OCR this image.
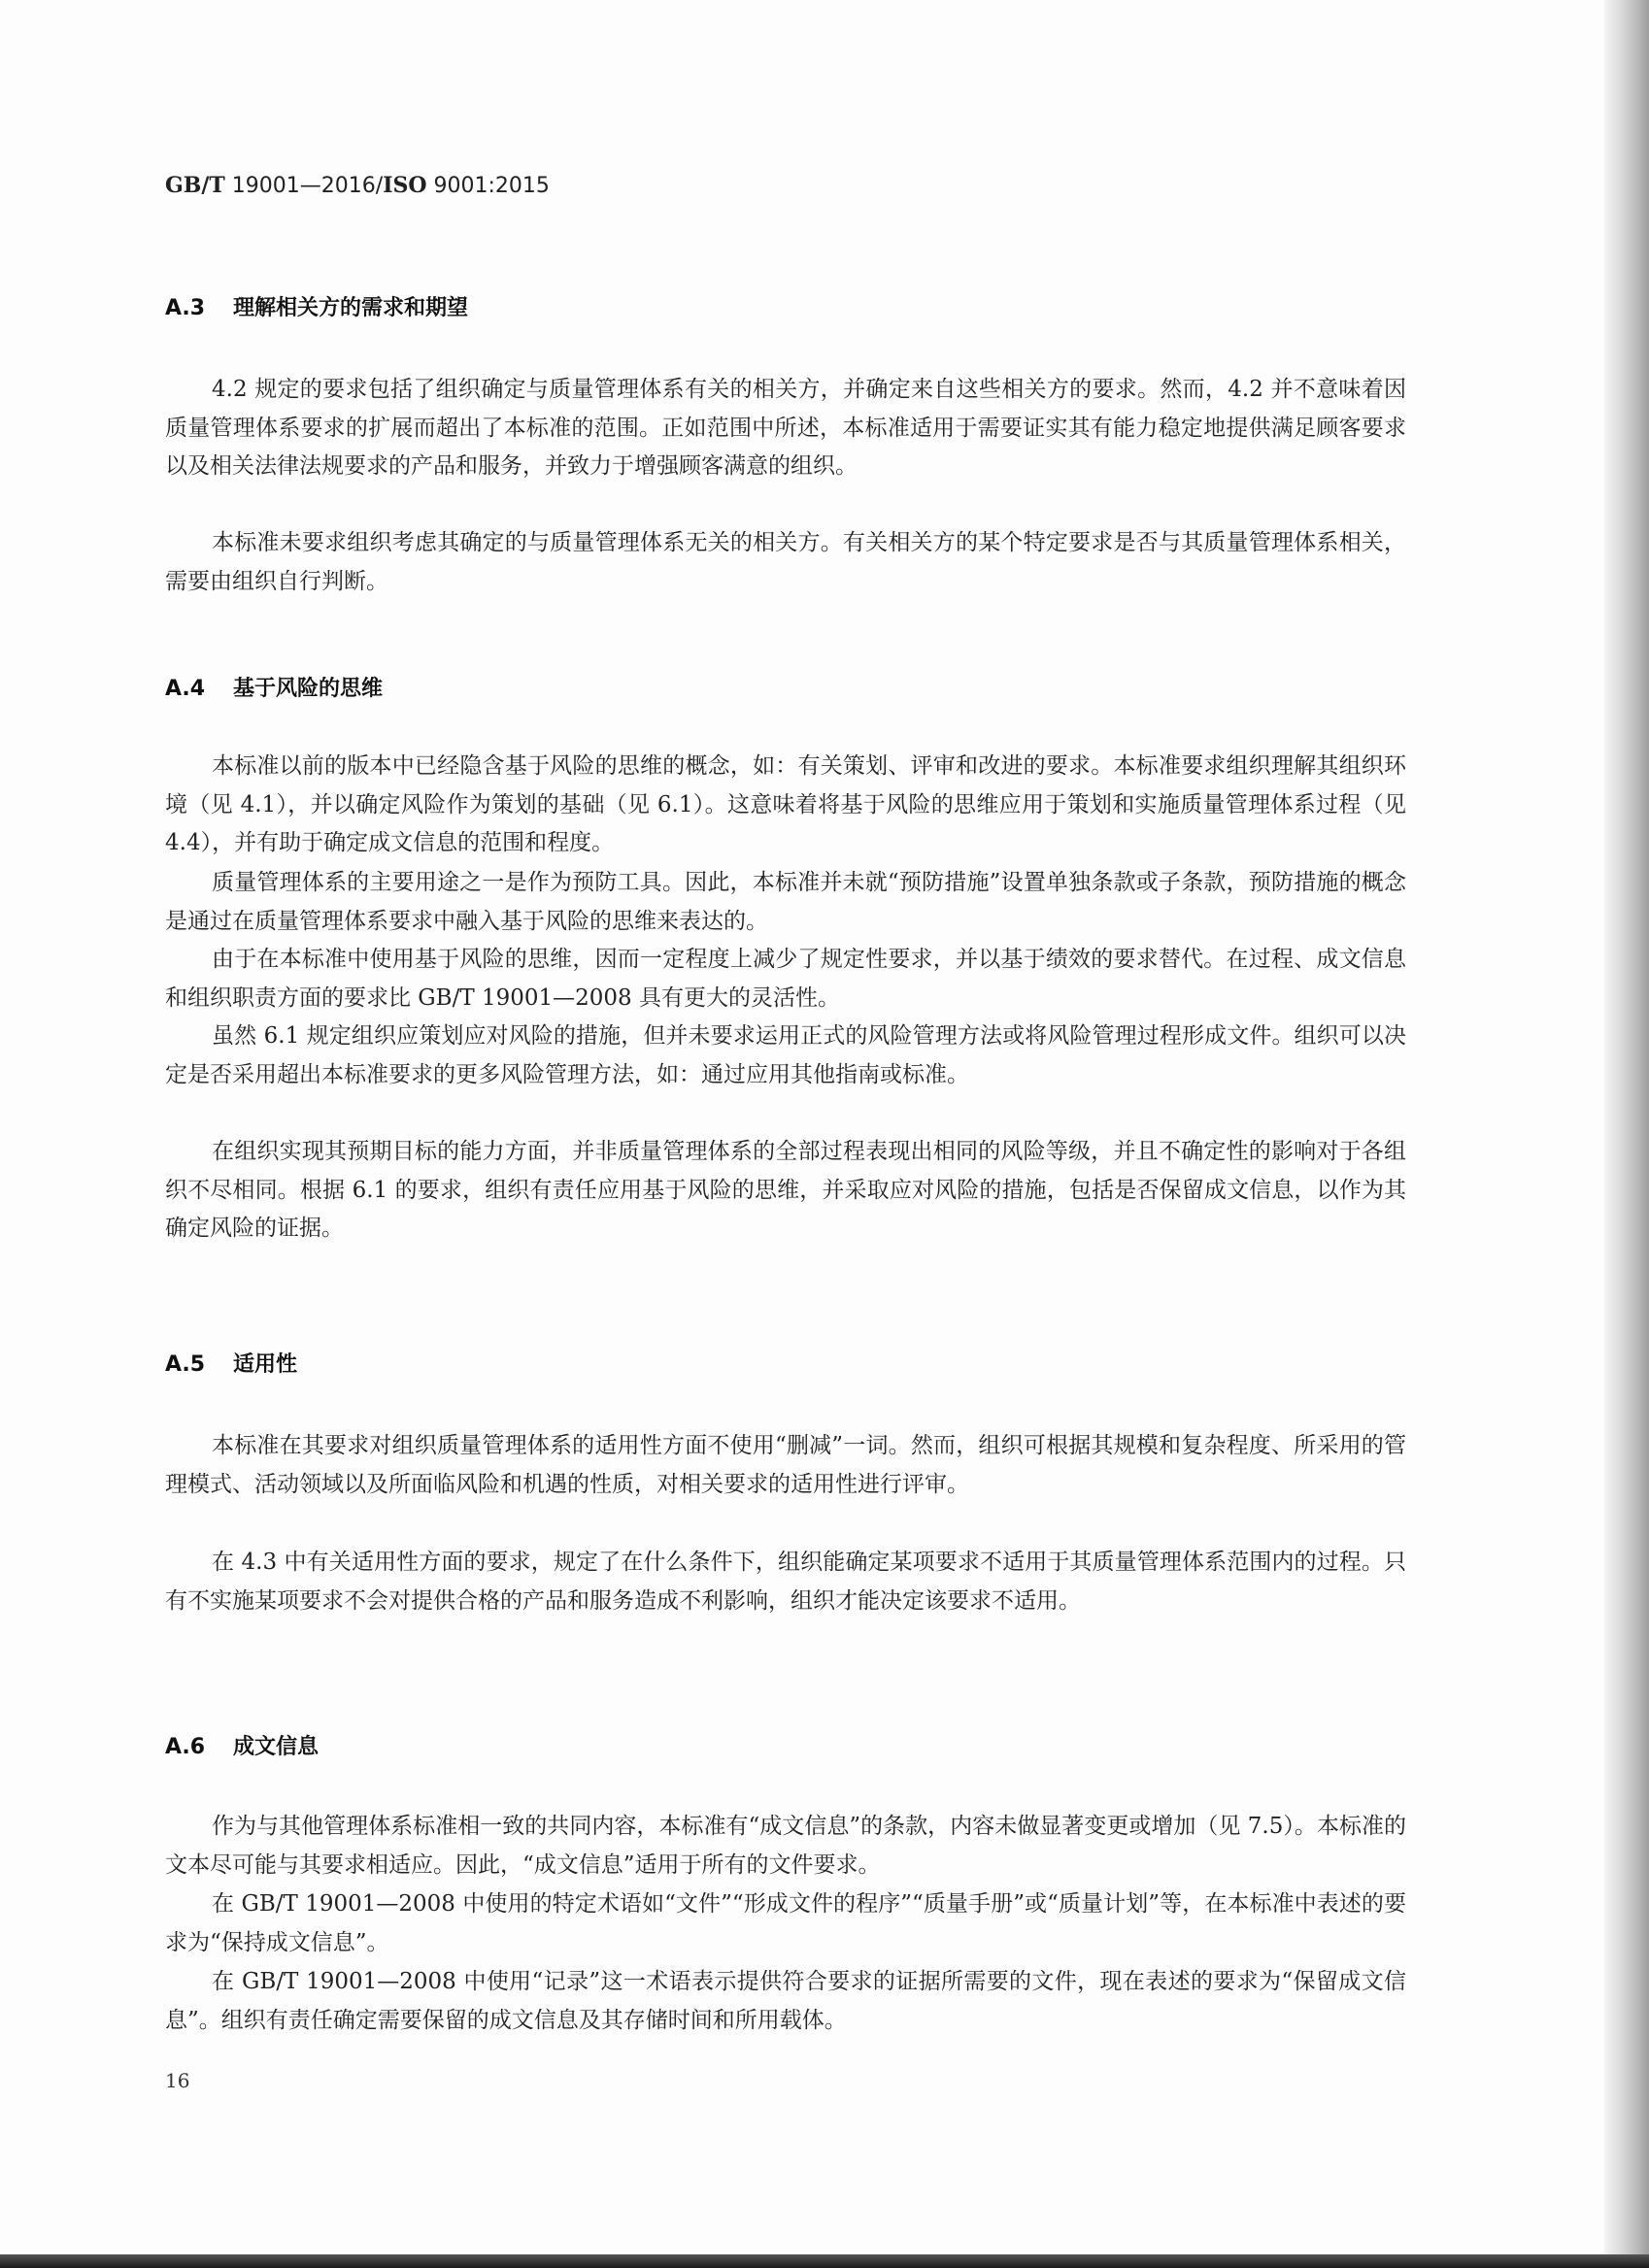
GB/T 19001—2016/ISO 9001:2015
A.3 理解相关方的需求和期望

4.2 规定的要求包括了组织确定与质量管理体系有关的相关方，并确定来自这些相关方的要求。然而，4.2 并不意味着因质量管理体系要求的扩展而超出了本标准的范围。正如范围中所述，本标准适用于需要证实其有能力稳定地提供满足顾客要求以及相关法律法规要求的产品和服务，并致力于增强顾客满意的组织。

本标准未要求组织考虑其确定的与质量管理体系无关的相关方。有关相关方的某个特定要求是否与其质量管理体系相关，需要由组织自行判断。

A.4 基于风险的思维

本标准以前的版本中已经隐含基于风险的思维的概念，如：有关策划、评审和改进的要求。本标准要求组织理解其组织环境（见 4.1），并以确定风险作为策划的基础（见 6.1）。这意味着将基于风险的思维应用于策划和实施质量管理体系过程（见 4.4），并有助于确定成文信息的范围和程度。

质量管理体系的主要用途之一是作为预防工具。因此，本标准并未就“预防措施”设置单独条款或子条款，预防措施的概念是通过在质量管理体系要求中融入基于风险的思维来表达的。

由于在本标准中使用基于风险的思维，因而一定程度上减少了规定性要求，并以基于绩效的要求替代。在过程、成文信息和组织职责方面的要求比 GB/T 19001—2008 具有更大的灵活性。

虽然 6.1 规定组织应策划应对风险的措施，但并未要求运用正式的风险管理方法或将风险管理过程形成文件。组织可以决定是否采用超出本标准要求的更多风险管理方法，如：通过应用其他指南或标准。

在组织实现其预期目标的能力方面，并非质量管理体系的全部过程表现出相同的风险等级，并且不确定性的影响对于各组织不尽相同。根据 6.1 的要求，组织有责任应用基于风险的思维，并采取应对风险的措施，包括是否保留成文信息，以作为其确定风险的证据。

A.5 适用性

本标准在其要求对组织质量管理体系的适用性方面不使用“删减”一词。然而，组织可根据其规模和复杂程度、所采用的管理模式、活动领域以及所面临风险和机遇的性质，对相关要求的适用性进行评审。

在 4.3 中有关适用性方面的要求，规定了在什么条件下，组织能确定某项要求不适用于其质量管理体系范围内的过程。只有不实施某项要求不会对提供合格的产品和服务造成不利影响，组织才能决定该要求不适用。

A.6 成文信息

作为与其他管理体系标准相一致的共同内容，本标准有“成文信息”的条款，内容未做显著变更或增加（见 7.5）。本标准的文本尽可能与其要求相适应。因此，“成文信息”适用于所有的文件要求。

在 GB/T 19001—2008 中使用的特定术语如“文件”“形成文件的程序”“质量手册”或“质量计划”等，在本标准中表述的要求为“保持成文信息”。

在 GB/T 19001—2008 中使用“记录”这一术语表示提供符合要求的证据所需要的文件，现在表述的要求为“保留成文信息”。组织有责任确定需要保留的成文信息及其存储时间和所用载体。

16
